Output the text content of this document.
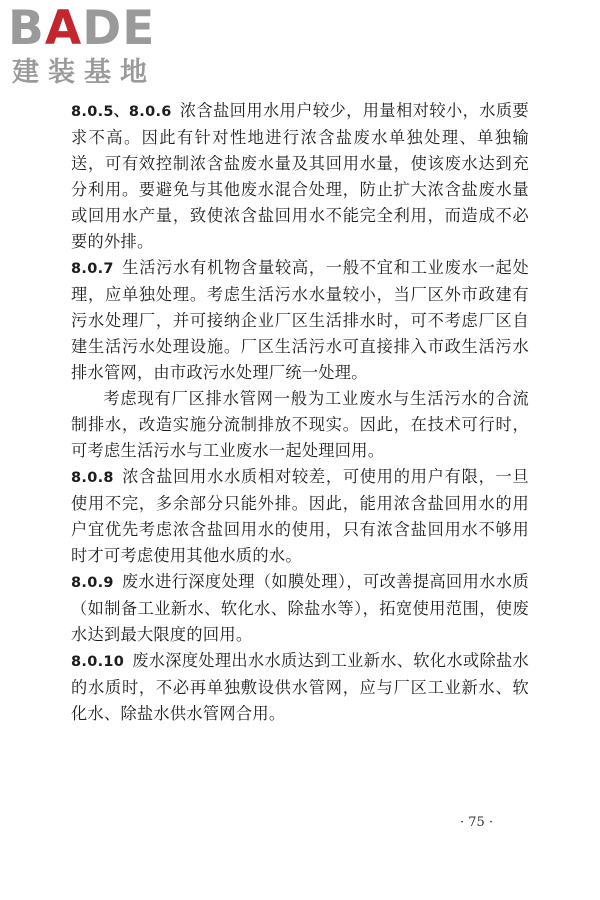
BADE
建装基地

8.0.5、8.0.6 浓含盐回用水用户较少，用量相对较小，水质要求不高。因此有针对性地进行浓含盐废水单独处理、单独输送，可有效控制浓含盐废水量及其回用水量，使该废水达到充分利用。要避免与其他废水混合处理，防止扩大浓含盐废水量或回用水产量，致使浓含盐回用水不能完全利用，而造成不必要的外排。

8.0.7 生活污水有机物含量较高，一般不宜和工业废水一起处理，应单独处理。考虑生活污水水量较小，当厂区外市政建有污水处理厂，并可接纳企业厂区生活排水时，可不考虑厂区自建生活污水处理设施。厂区生活污水可直接排入市政生活污水排水管网，由市政污水处理厂统一处理。

考虑现有厂区排水管网一般为工业废水与生活污水的合流制排水，改造实施分流制排放不现实。因此，在技术可行时，可考虑生活污水与工业废水一起处理回用。

8.0.8 浓含盐回用水水质相对较差，可使用的用户有限，一旦使用不完，多余部分只能外排。因此，能用浓含盐回用水的用户宜优先考虑浓含盐回用水的使用，只有浓含盐回用水不够用时才可考虑使用其他水质的水。

8.0.9 废水进行深度处理（如膜处理），可改善提高回用水水质（如制备工业新水、软化水、除盐水等），拓宽使用范围，使废水达到最大限度的回用。

8.0.10 废水深度处理出水水质达到工业新水、软化水或除盐水的水质时，不必再单独敷设供水管网，应与厂区工业新水、软化水、除盐水供水管网合用。

· 75 ·
